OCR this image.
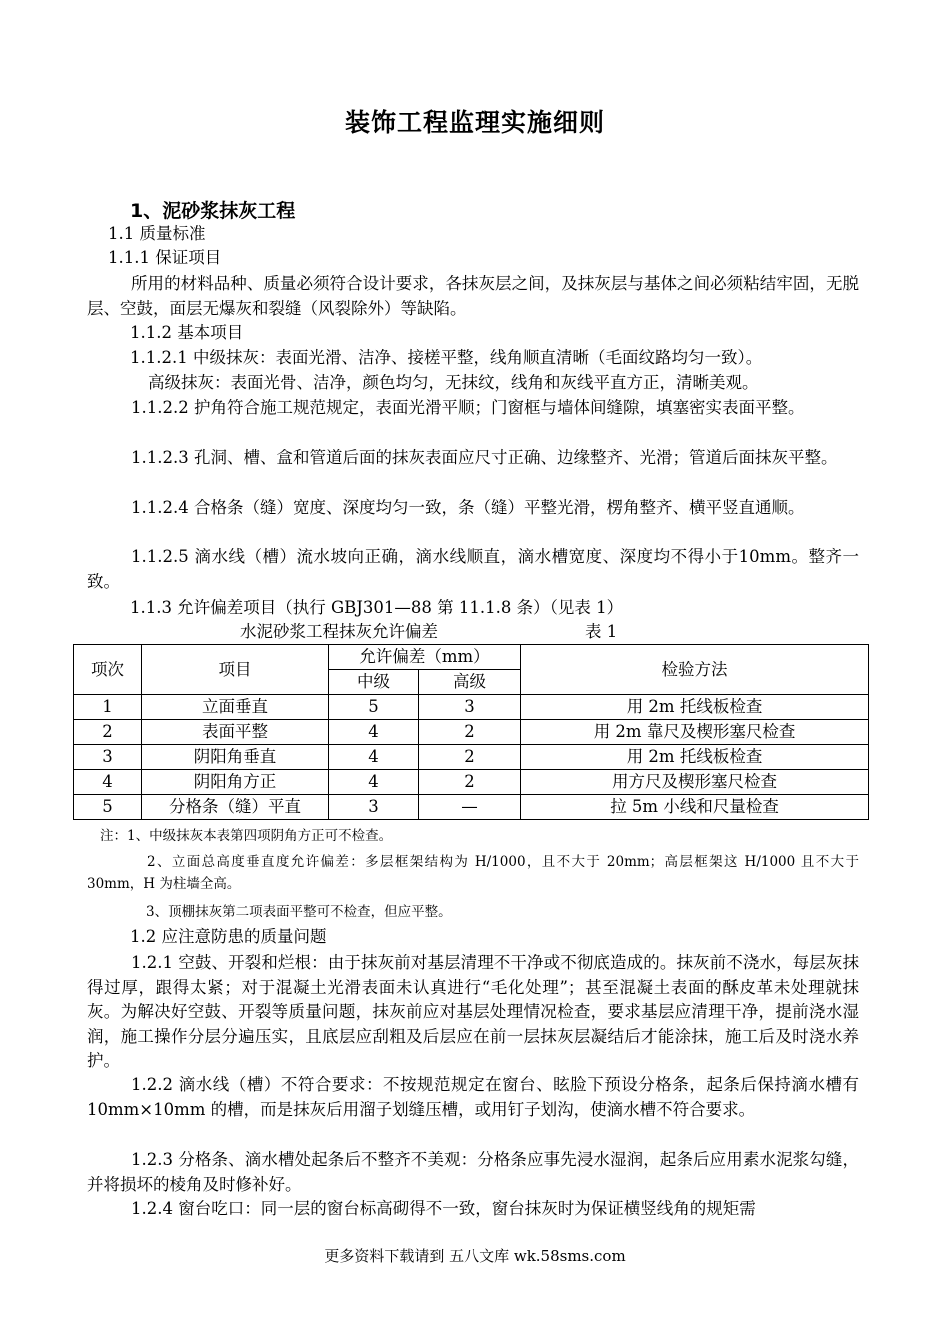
装饰工程监理实施细则
1、泥砂浆抹灰工程
1.1 质量标准
1.1.1 保证项目
所用的材料品种、质量必须符合设计要求，各抹灰层之间，及抹灰层与基体之间必须粘结牢固，无脱层、空鼓，面层无爆灰和裂缝（风裂除外）等缺陷。
1.1.2 基本项目
1.1.2.1 中级抹灰：表面光滑、洁净、接槎平整，线角顺直清晰（毛面纹路均匀一致）。
高级抹灰：表面光骨、洁净，颜色均匀，无抹纹，线角和灰线平直方正，清晰美观。
1.1.2.2 护角符合施工规范规定，表面光滑平顺；门窗框与墙体间缝隙，填塞密实表面平整。
1.1.2.3 孔洞、槽、盒和管道后面的抹灰表面应尺寸正确、边缘整齐、光滑；管道后面抹灰平整。
1.1.2.4 合格条（缝）宽度、深度均匀一致，条（缝）平整光滑，楞角整齐、横平竖直通顺。
1.1.2.5 滴水线（槽）流水坡向正确，滴水线顺直，滴水槽宽度、深度均不得小于10mm。整齐一致。
1.1.3 允许偏差项目（执行 GBJ301—88 第 11.1.8 条）（见表 1）
水泥砂浆工程抹灰允许偏差	表 1
项次	项目	允许偏差（mm）		检验方法
		中级	高级	
1	立面垂直	5	3	用 2m 托线板检查
2	表面平整	4	2	用 2m 靠尺及楔形塞尺检查
3	阴阳角垂直	4	2	用 2m 托线板检查
4	阴阳角方正	4	2	用方尺及楔形塞尺检查
5	分格条（缝）平直	3	—	拉 5m 小线和尺量检查
注：1、中级抹灰本表第四项阴角方正可不检查。
2、立面总高度垂直度允许偏差：多层框架结构为 H/1000，且不大于 20mm；高层框架这 H/1000 且不大于 30mm，H 为柱墙全高。
3、顶棚抹灰第二项表面平整可不检查，但应平整。
1.2 应注意防患的质量问题
1.2.1 空鼓、开裂和烂根：由于抹灰前对基层清理不干净或不彻底造成的。抹灰前不浇水，每层灰抹得过厚，跟得太紧；对于混凝土光滑表面未认真进行“毛化处理”；甚至混凝土表面的酥皮革未处理就抹灰。为解决好空鼓、开裂等质量问题，抹灰前应对基层处理情况检查，要求基层应清理干净，提前浇水湿润，施工操作分层分遍压实，且底层应刮粗及后层应在前一层抹灰层凝结后才能涂抹，施工后及时浇水养护。
1.2.2 滴水线（槽）不符合要求：不按规范规定在窗台、眩脸下预设分格条，起条后保持滴水槽有 10mm×10mm 的槽，而是抹灰后用溜子划缝压槽，或用钉子划沟，使滴水槽不符合要求。
1.2.3 分格条、滴水槽处起条后不整齐不美观：分格条应事先浸水湿润，起条后应用素水泥浆勾缝，并将损坏的棱角及时修补好。
1.2.4 窗台吃口：同一层的窗台标高砌得不一致，窗台抹灰时为保证横竖线角的规矩需
更多资料下载请到 五八文库 wk.58sms.com
